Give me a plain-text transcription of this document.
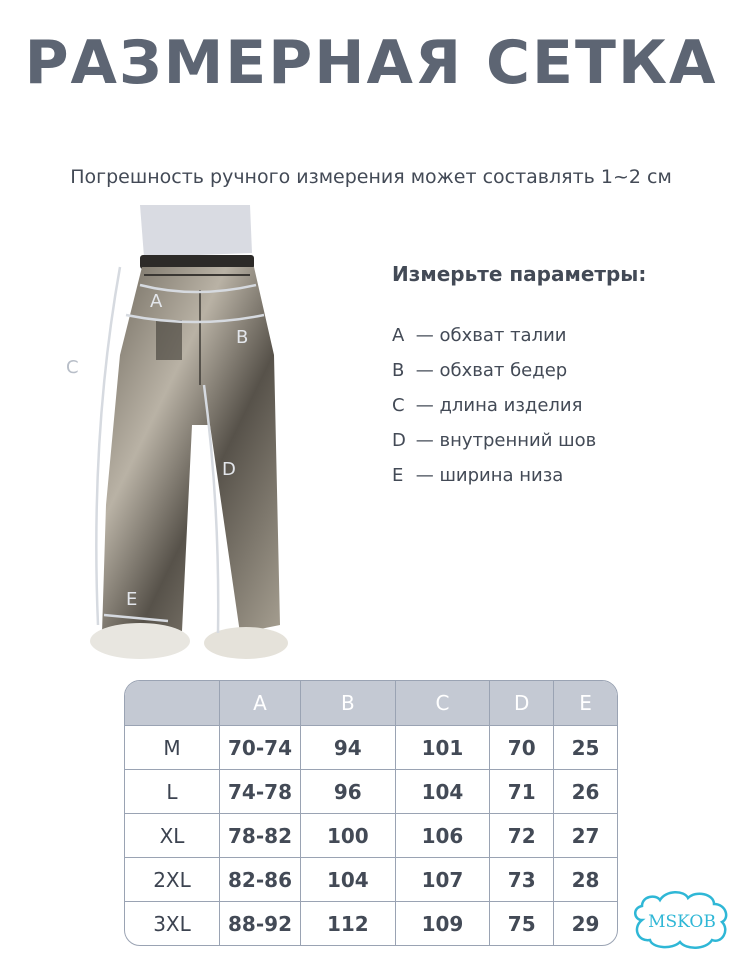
РАЗМЕРНАЯ СЕТКА
Погрешность ручного измерения может составлять 1~2 см
A
B
C
D
E
Измерьте параметры:
A — обхват талии
B — обхват бедер
C — длина изделия
D — внутренний шов
E — ширина низа
	A	B	C	D	E
M	70-74	94	101	70	25
L	74-78	96	104	71	26
XL	78-82	100	106	72	27
2XL	82-86	104	107	73	28
3XL	88-92	112	109	75	29	MSKOB
